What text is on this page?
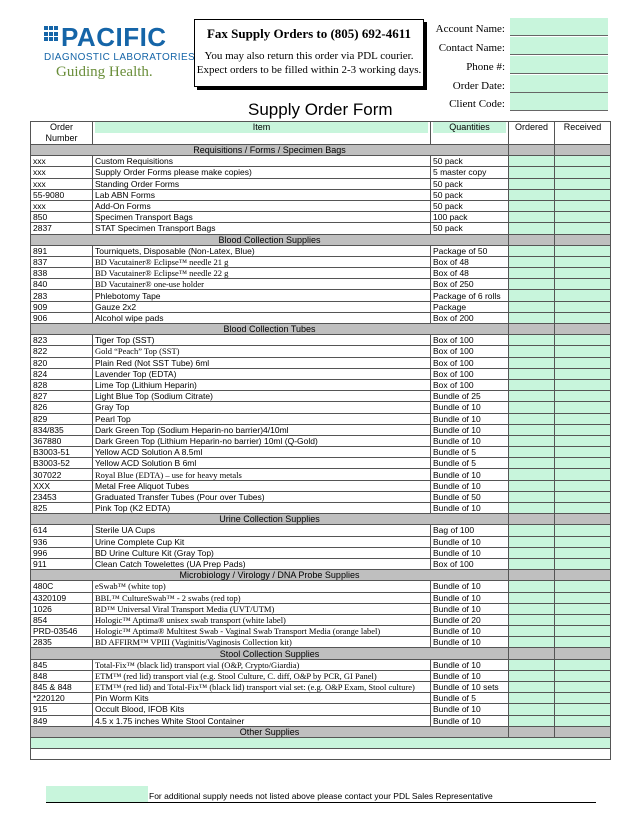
PACIFIC
DIAGNOSTIC LABORATORIES
Guiding Health.
Fax Supply Orders to (805) 692-4611
You may also return this order via PDL courier.
Expect orders to be filled within 2-3 working days.
Account Name:
Contact Name:
Phone #:
Order Date:
Client Code:
Supply Order Form
Order Number	Item	Quantities	Ordered	Received
Requisitions / Forms / Specimen Bags				
xxx	Custom Requisitions	50 pack		
xxx	Supply Order Forms please make copies)	5 master copy		
xxx	Standing Order Forms	50 pack		
55-9080	Lab ABN Forms	50 pack		
xxx	Add-On Forms	50 pack		
850	Specimen Transport Bags	100 pack		
2837	STAT Specimen Transport Bags	50 pack		
Blood Collection Supplies				
891	Tourniquets, Disposable (Non-Latex, Blue)	Package of 50		
837	BD Vacutainer® Eclipse™ needle 21 g	Box of 48		
838	BD Vacutainer® Eclipse™ needle 22 g	Box of 48		
840	BD Vacutainer® one-use holder	Box of 250		
283	Phlebotomy Tape	Package of 6 rolls		
909	Gauze 2x2	Package		
906	Alcohol wipe pads	Box of 200		
Blood Collection Tubes				
823	Tiger Top (SST)	Box of 100		
822	Gold “Peach” Top (SST)	Box of 100		
820	Plain Red (Not SST Tube) 6ml	Box of 100		
824	Lavender Top (EDTA)	Box of 100		
828	Lime Top (Lithium Heparin)	Box of 100		
827	Light Blue Top (Sodium Citrate)	Bundle of 25		
826	Gray Top	Bundle of 10		
829	Pearl Top	Bundle of 10		
834/835	Dark Green Top (Sodium Heparin-no barrier)4/10ml	Bundle of 10		
367880	Dark Green Top (Lithium Heparin-no barrier) 10ml (Q-Gold)	Bundle of 10		
B3003-51	Yellow ACD Solution A 8.5ml	Bundle of 5		
B3003-52	Yellow ACD Solution B 6ml	Bundle of 5		
307022	Royal Blue (EDTA) – use for heavy metals	Bundle of 10		
XXX	Metal Free Aliquot Tubes	Bundle of 10		
23453	Graduated Transfer Tubes (Pour over Tubes)	Bundle of 50		
825	Pink Top (K2 EDTA)	Bundle of 10		
Urine Collection Supplies				
614	Sterile UA Cups	Bag of 100		
936	Urine Complete Cup Kit	Bundle of 10		
996	BD Urine Culture Kit (Gray Top)	Bundle of 10		
911	Clean Catch Towelettes (UA Prep Pads)	Box of 100		
Microbiology / Virology / DNA Probe Supplies				
480C	eSwab™ (white top)	Bundle of 10		
4320109	BBL™ CultureSwab™ - 2 swabs (red top)	Bundle of 10		
1026	BD™ Universal Viral Transport Media (UVT/UTM)	Bundle of 10		
854	Hologic™ Aptima® unisex swab transport (white label)	Bundle of 20		
PRD-03546	Hologic™ Aptima® Multitest Swab - Vaginal Swab Transport Media (orange label)	Bundle of 10		
2835	BD AFFIRM™ VPIII (Vaginitis/Vaginosis Collection kit)	Bundle of 10		
Stool Collection Supplies				
845	Total-Fix™ (black lid) transport vial (O&P, Crypto/Giardia)	Bundle of 10		
848	ETM™ (red lid) transport vial (e.g. Stool Culture, C. diff, O&P by PCR, GI Panel)	Bundle of 10		
845 & 848	ETM™ (red lid) and Total-Fix™ (black lid) transport vial set: (e.g. O&P Exam, Stool culture)	Bundle of 10 sets		
*220120	Pin Worm Kits	Bundle of 5		
915	Occult Blood, IFOB Kits	Bundle of 10		
849	4.5 x 1.75 inches White Stool Container	Bundle of 10		
Other Supplies				

For additional supply needs not listed above please contact your PDL Sales Representative
